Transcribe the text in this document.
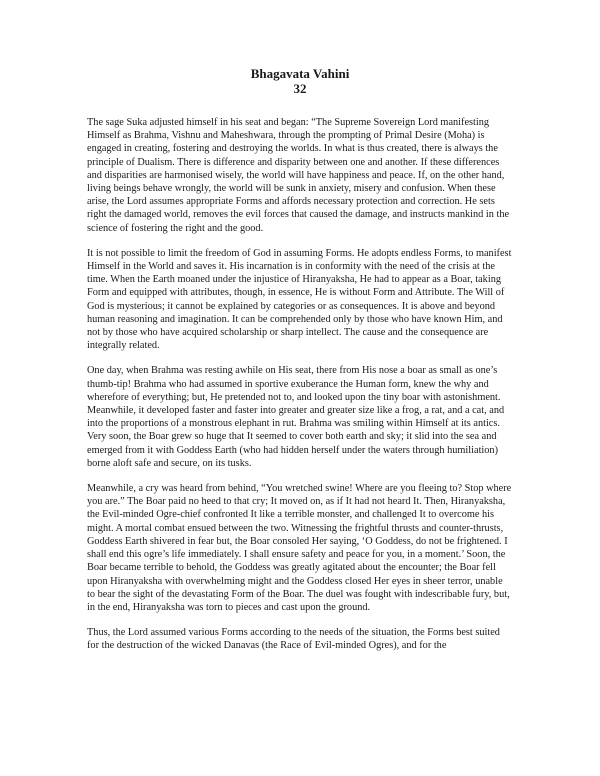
Bhagavata Vahini
32

The sage Suka adjusted himself in his seat and began: “The Supreme Sovereign Lord manifesting Himself as Brahma, Vishnu and Maheshwara, through the prompting of Primal Desire (Moha) is engaged in creating, fostering and destroying the worlds. In what is thus created, there is always the principle of Dualism. There is difference and disparity between one and another. If these differences and disparities are harmonised wisely, the world will have happiness and peace. If, on the other hand, living beings behave wrongly, the world will be sunk in anxiety, misery and confusion. When these arise, the Lord assumes appropriate Forms and affords necessary protection and correction. He sets right the damaged world, removes the evil forces that caused the damage, and instructs mankind in the science of fostering the right and the good.

It is not possible to limit the freedom of God in assuming Forms. He adopts endless Forms, to manifest Himself in the World and saves it. His incarnation is in conformity with the need of the crisis at the time. When the Earth moaned under the injustice of Hiranyaksha, He had to appear as a Boar, taking Form and equipped with attributes, though, in essence, He is without Form and Attribute. The Will of God is mysterious; it cannot be explained by categories or as consequences. It is above and beyond human reasoning and imagination. It can be comprehended only by those who have known Him, and not by those who have acquired scholarship or sharp intellect. The cause and the consequence are integrally related.

One day, when Brahma was resting awhile on His seat, there from His nose a boar as small as one’s thumb-tip! Brahma who had assumed in sportive exuberance the Human form, knew the why and wherefore of everything; but, He pretended not to, and looked upon the tiny boar with astonishment. Meanwhile, it developed faster and faster into greater and greater size like a frog, a rat, and a cat, and into the proportions of a monstrous elephant in rut. Brahma was smiling within Himself at its antics. Very soon, the Boar grew so huge that It seemed to cover both earth and sky; it slid into the sea and emerged from it with Goddess Earth (who had hidden herself under the waters through humiliation) borne aloft safe and secure, on its tusks.

Meanwhile, a cry was heard from behind, “You wretched swine! Where are you fleeing to? Stop where you are.” The Boar paid no heed to that cry; It moved on, as if It had not heard It. Then, Hiranyaksha, the Evil-minded Ogre-chief confronted It like a terrible monster, and challenged It to overcome his might. A mortal combat ensued between the two. Witnessing the frightful thrusts and counter-thrusts, Goddess Earth shivered in fear but, the Boar consoled Her saying, ‘O Goddess, do not be frightened. I shall end this ogre’s life immediately. I shall ensure safety and peace for you, in a moment.’ Soon, the Boar became terrible to behold, the Goddess was greatly agitated about the encounter; the Boar fell upon Hiranyaksha with overwhelming might and the Goddess closed Her eyes in sheer terror, unable to bear the sight of the devastating Form of the Boar. The duel was fought with indescribable fury, but, in the end, Hiranyaksha was torn to pieces and cast upon the ground.

Thus, the Lord assumed various Forms according to the needs of the situation, the Forms best suited for the destruction of the wicked Danavas (the Race of Evil-minded Ogres), and for the
